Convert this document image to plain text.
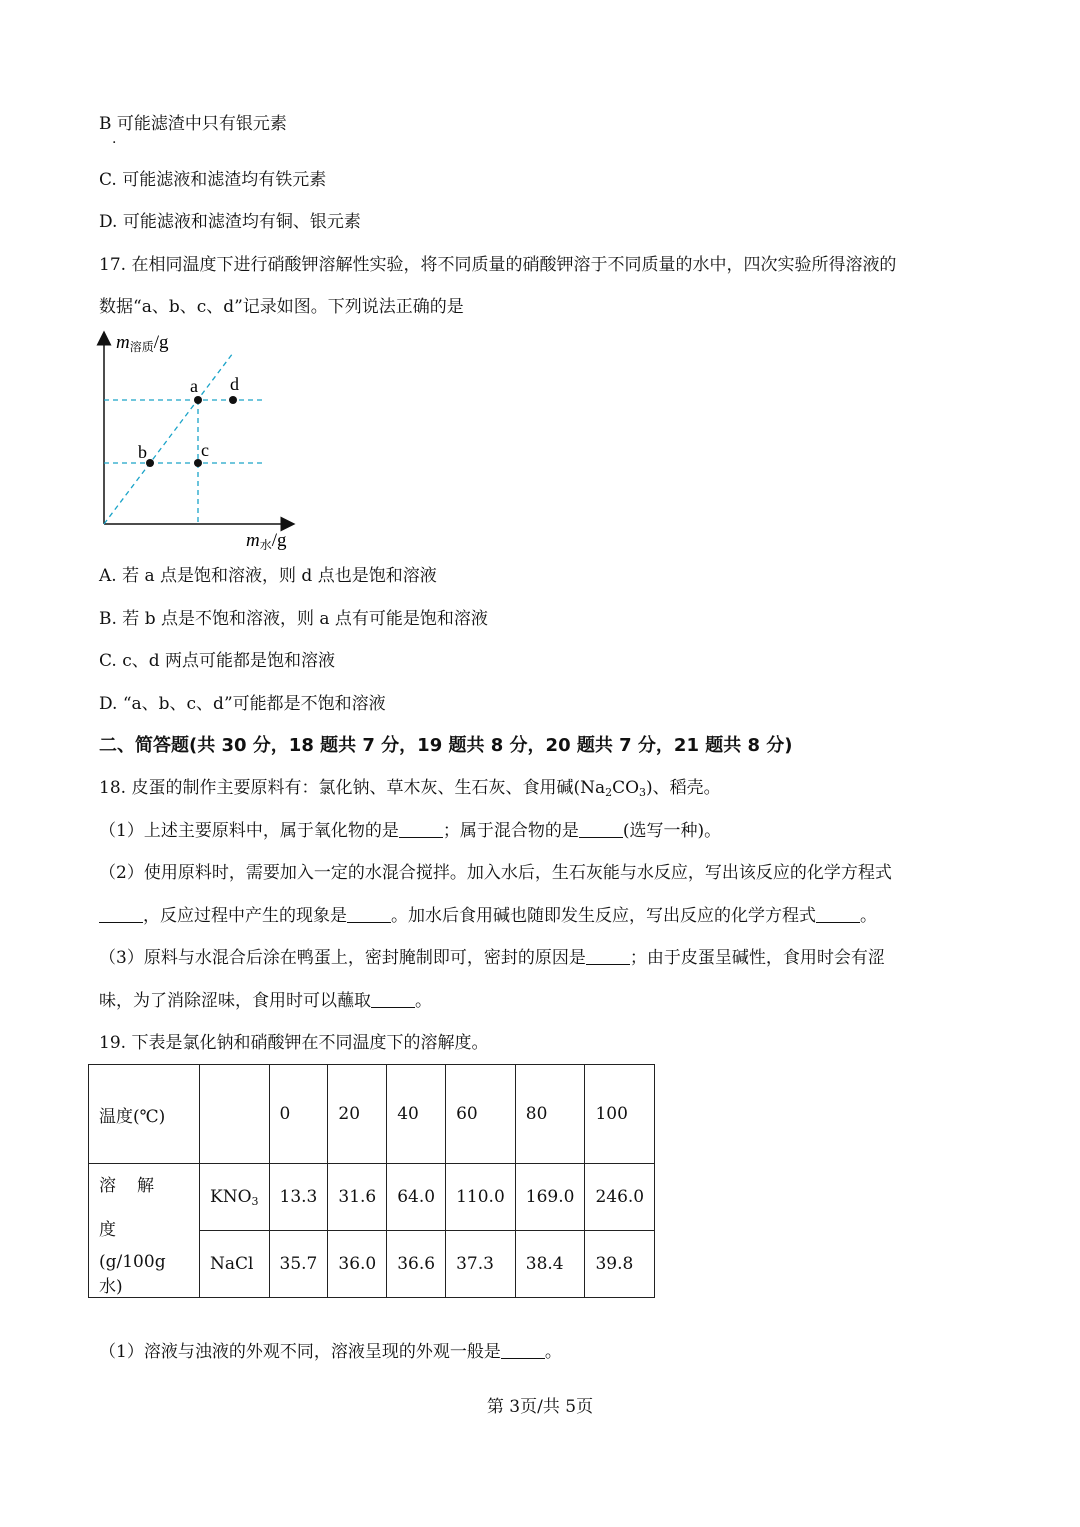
B 可能滤渣中只有银元素
·
C. 可能滤液和滤渣均有铁元素
D. 可能滤液和滤渣均有铜、银元素
17. 在相同温度下进行硝酸钾溶解性实验，将不同质量的硝酸钾溶于不同质量的水中，四次实验所得溶液的
数据“a、b、c、d”记录如图。下列说法正确的是
a d
b	c
m溶质/g
m水/g
A. 若 a 点是饱和溶液，则 d 点也是饱和溶液
B. 若 b 点是不饱和溶液，则 a 点有可能是饱和溶液
C. c、d 两点可能都是饱和溶液
D. “a、b、c、d”可能都是不饱和溶液
二、简答题(共 30 分，18 题共 7 分，19 题共 8 分，20 题共 7 分，21 题共 8 分)
18. 皮蛋的制作主要原料有：氯化钠、草木灰、生石灰、食用碱$(Na_2CO_3)$、稻壳。
（1）上述主要原料中，属于氧化物的是	；属于混合物的是	(选写一种)。
（2）使用原料时，需要加入一定的水混合搅拌。加入水后，生石灰能与水反应，写出该反应的化学方程式
，反应过程中产生的现象是	。加水后食用碱也随即发生反应，写出反应的化学方程式	。
（3）原料与水混合后涂在鸭蛋上，密封腌制即可，密封的原因是	；由于皮蛋呈碱性，食用时会有涩
味，为了消除涩味，食用时可以蘸取	。
19. 下表是氯化钠和硝酸钾在不同温度下的溶解度。
温度(℃)		0	20	40	60	80	100

溶　解　度
(g/100g 水)	$KNO_3$	13.3	31.6	64.0	110.0	169.0	246.0
	NaCl	35.7	36.0	36.6	37.3	38.4	39.8
（1）溶液与浊液的外观不同，溶液呈现的外观一般是	。
第 3页/共 5页
